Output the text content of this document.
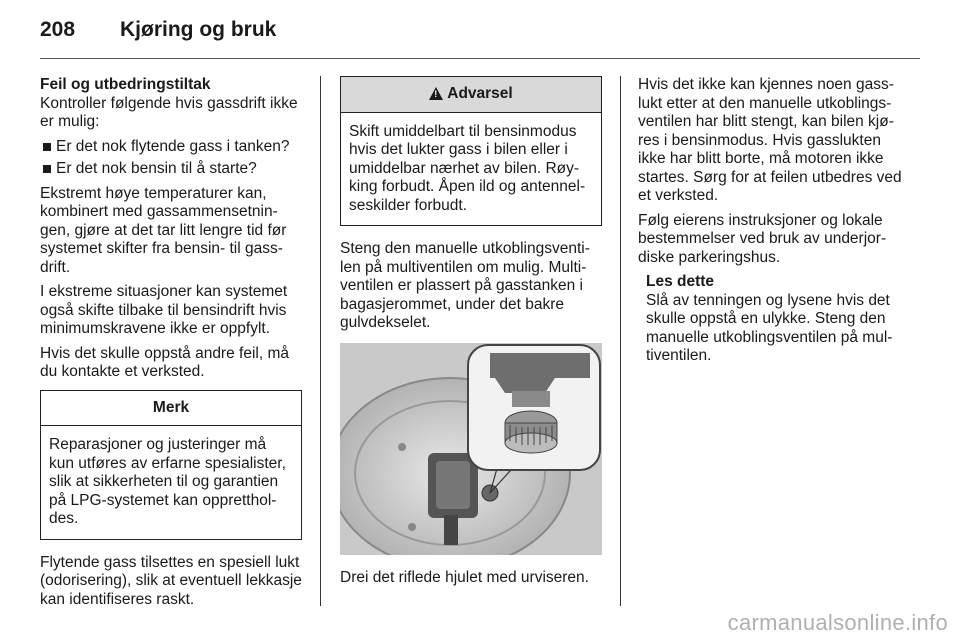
208 Kjøring og bruk
Feil og utbedringstiltak

Kontroller følgende hvis gassdrift ikke er mulig:

Er det nok flytende gass i tanken?
Er det nok bensin til å starte?

Ekstremt høye temperaturer kan, kombinert med gassammensetningen, gjøre at det tar litt lengre tid før systemet skifter fra bensin- til gassdrift.

I ekstreme situasjoner kan systemet også skifte tilbake til bensindrift hvis minimumskravene ikke er oppfylt.

Hvis det skulle oppstå andre feil, må du kontakte et verksted.

Merk
Reparasjoner og justeringer må kun utføres av erfarne spesialister, slik at sikkerheten til og garantien på LPG-systemet kan opprettholdes.

Flytende gass tilsettes en spesiell lukt (odorisering), slik at eventuell lekkasje kan identifiseres raskt.

! Advarsel
Skift umiddelbart til bensinmodus hvis det lukter gass i bilen eller i umiddelbar nærhet av bilen. Røyking forbudt. Åpen ild og antennelseskilder forbudt.

Steng den manuelle utkoblingsventilen på multiventilen om mulig. Multiventilen er plassert på gasstanken i bagasjerommet, under det bakre gulvdekselet.

Drei det riflede hjulet med urviseren.

Hvis det ikke kan kjennes noen gasslukt etter at den manuelle utkoblingsventilen har blitt stengt, kan bilen kjøres i bensinmodus. Hvis gasslukten ikke har blitt borte, må motoren ikke startes. Sørg for at feilen utbedres ved et verksted.

Følg eierens instruksjoner og lokale bestemmelser ved bruk av underjordiske parkeringshus.

Les dette
Slå av tenningen og lysene hvis det skulle oppstå en ulykke. Steng den manuelle utkoblingsventilen på multiventilen.
carmanualsonline.info
